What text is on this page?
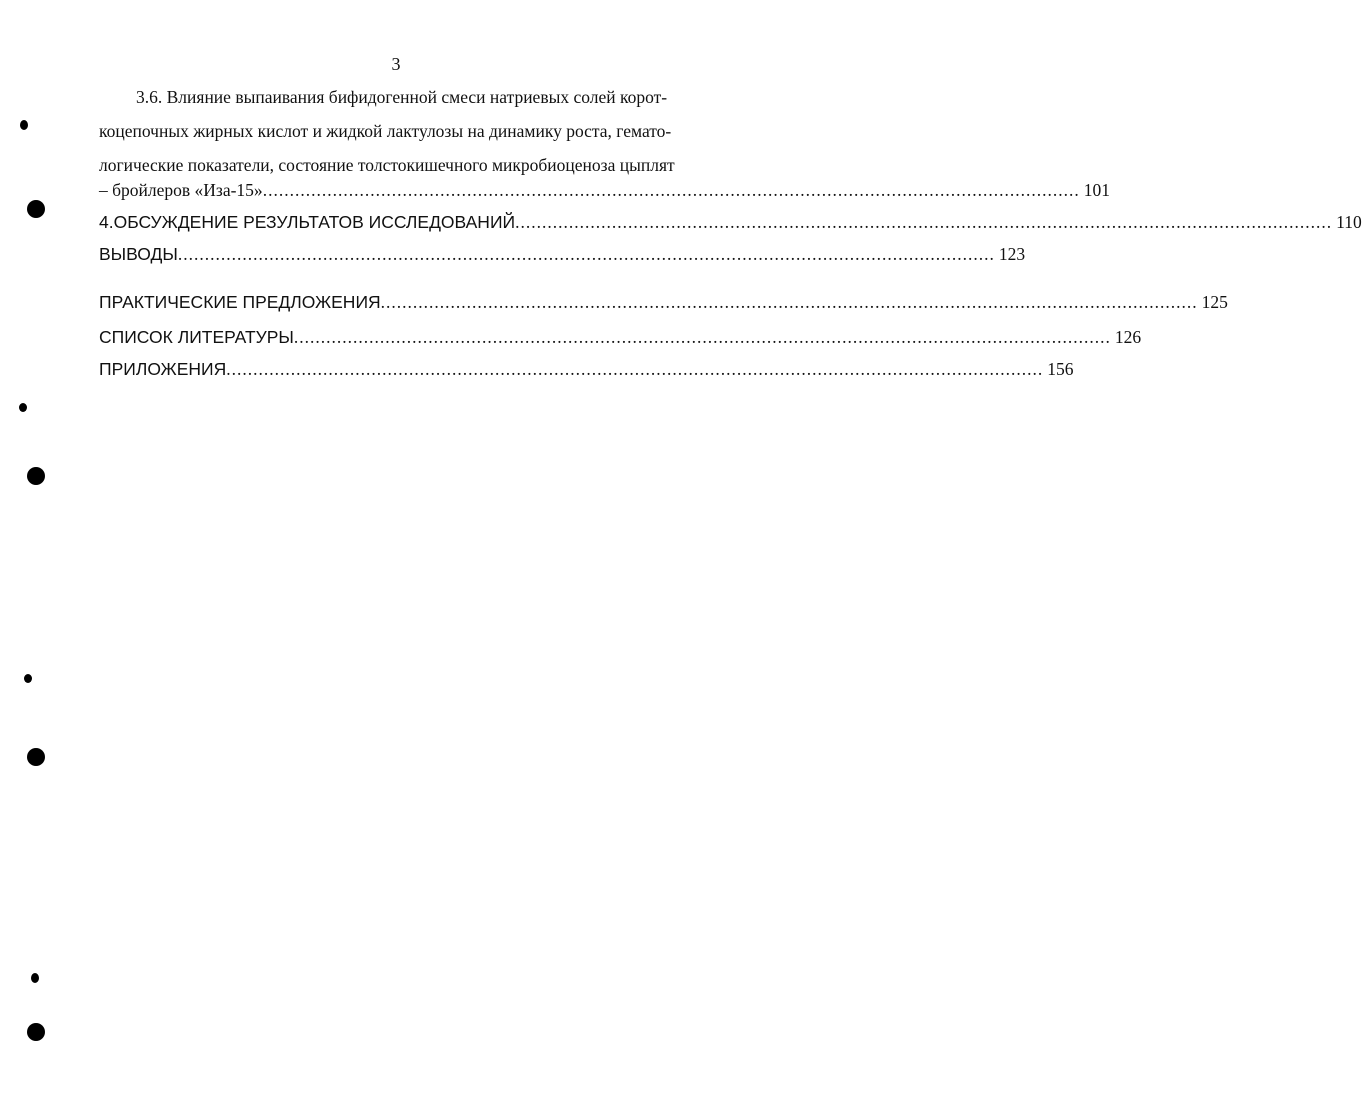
3
3.6. Влияние выпаивания бифидогенной смеси натриевых солей корот-
коцепочных жирных кислот и жидкой лактулозы на динамику роста, гемато-
логические показатели, состояние толстокишечного микробиоценоза цыплят
– бройлеров «Иза-15» ........................................................................................................................................................ 101
4.ОБСУЖДЕНИЕ РЕЗУЛЬТАТОВ ИССЛЕДОВАНИЙ ........................................................................................................................................................ 110
ВЫВОДЫ ........................................................................................................................................................ 123
ПРАКТИЧЕСКИЕ ПРЕДЛОЖЕНИЯ ........................................................................................................................................................ 125
СПИСОК ЛИТЕРАТУРЫ ........................................................................................................................................................ 126
ПРИЛОЖЕНИЯ ........................................................................................................................................................ 156
